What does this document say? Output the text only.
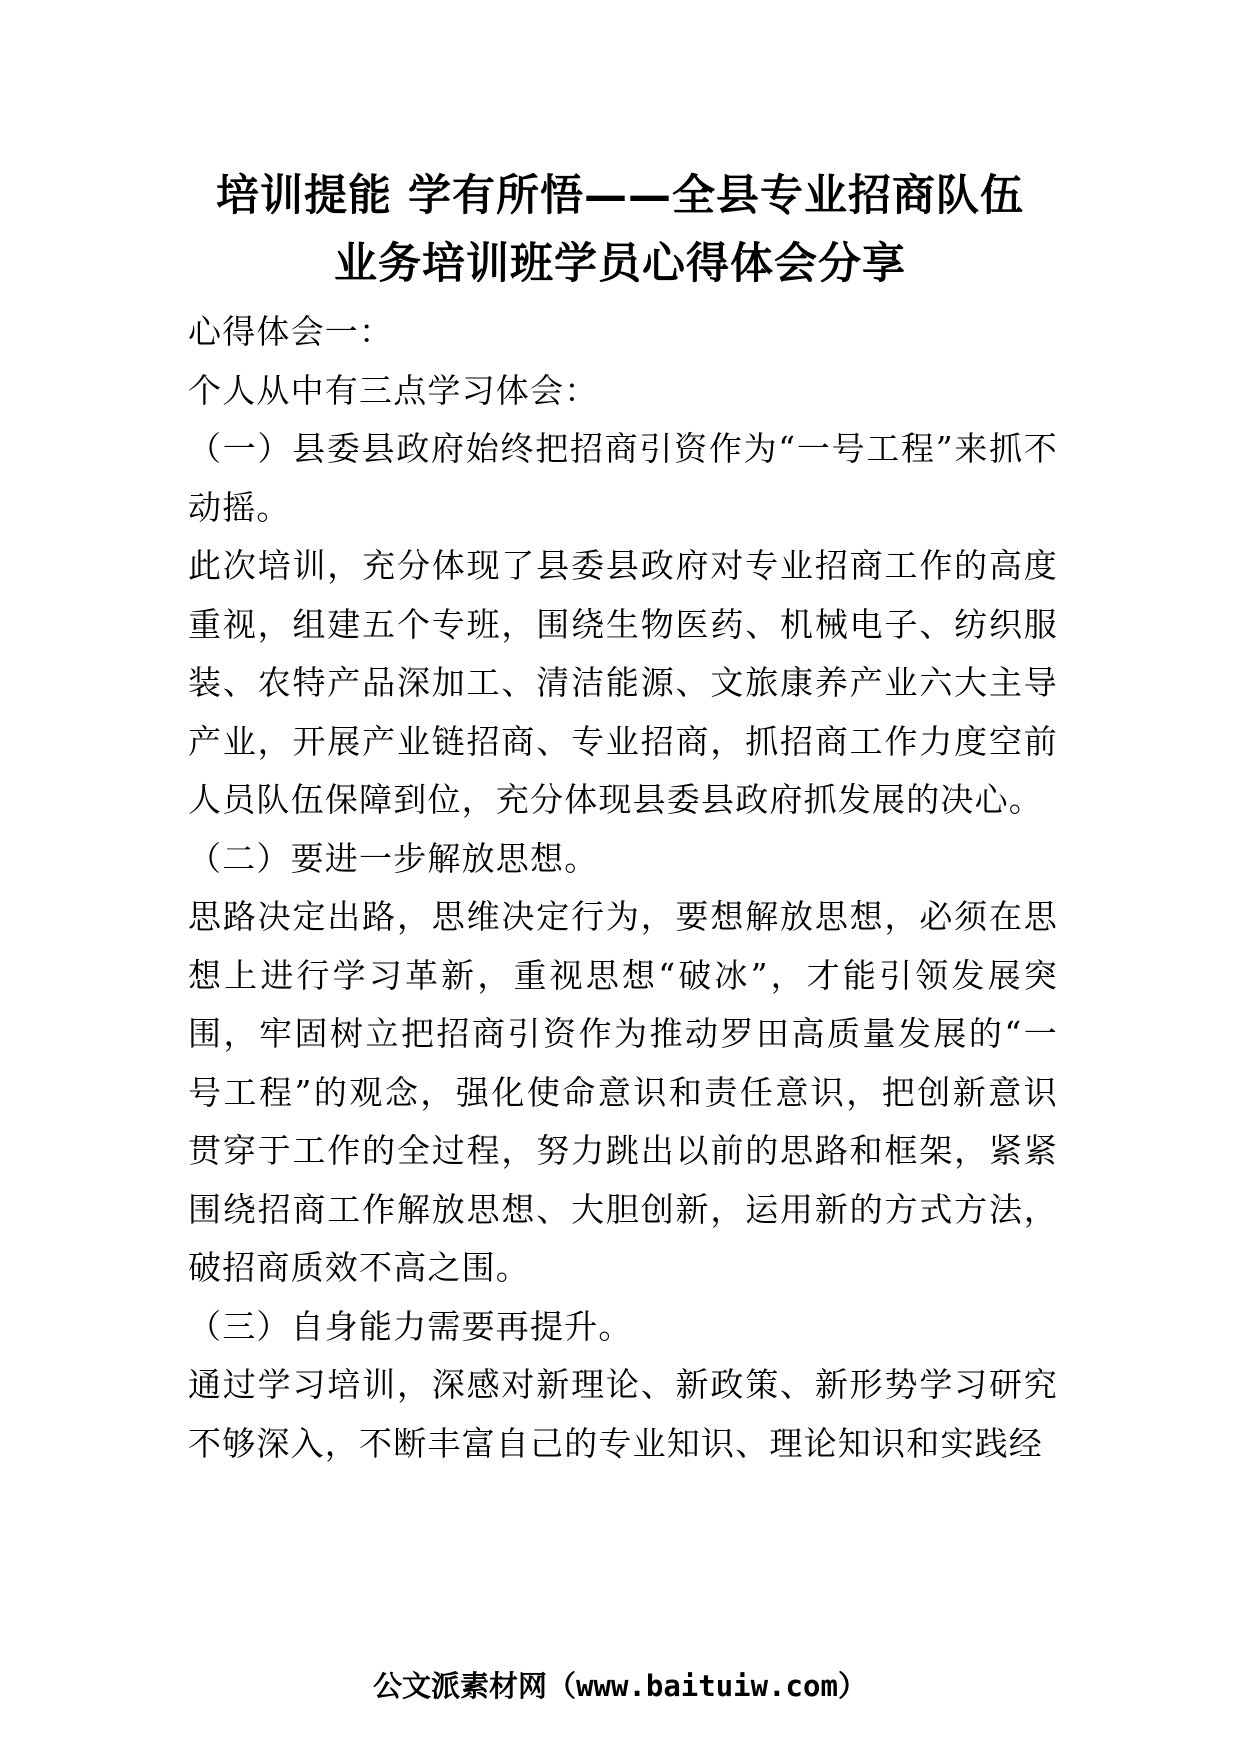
培训提能 学有所悟——全县专业招商队伍
业务培训班学员心得体会分享

心得体会一：

个人从中有三点学习体会：

（一）县委县政府始终把招商引资作为“一号工程”来抓不动摇。

此次培训，充分体现了县委县政府对专业招商工作的高度重视，组建五个专班，围绕生物医药、机械电子、纺织服装、农特产品深加工、清洁能源、文旅康养产业六大主导产业，开展产业链招商、专业招商，抓招商工作力度空前人员队伍保障到位，充分体现县委县政府抓发展的决心。

（二）要进一步解放思想。

思路决定出路，思维决定行为，要想解放思想，必须在思想上进行学习革新，重视思想“破冰”，才能引领发展突围，牢固树立把招商引资作为推动罗田高质量发展的“一号工程”的观念，强化使命意识和责任意识，把创新意识贯穿于工作的全过程，努力跳出以前的思路和框架，紧紧围绕招商工作解放思想、大胆创新，运用新的方式方法，破招商质效不高之围。

（三）自身能力需要再提升。

通过学习培训，深感对新理论、新政策、新形势学习研究不够深入，不断丰富自己的专业知识、理论知识和实践经

公文派素材网（www.baituiw.com）
